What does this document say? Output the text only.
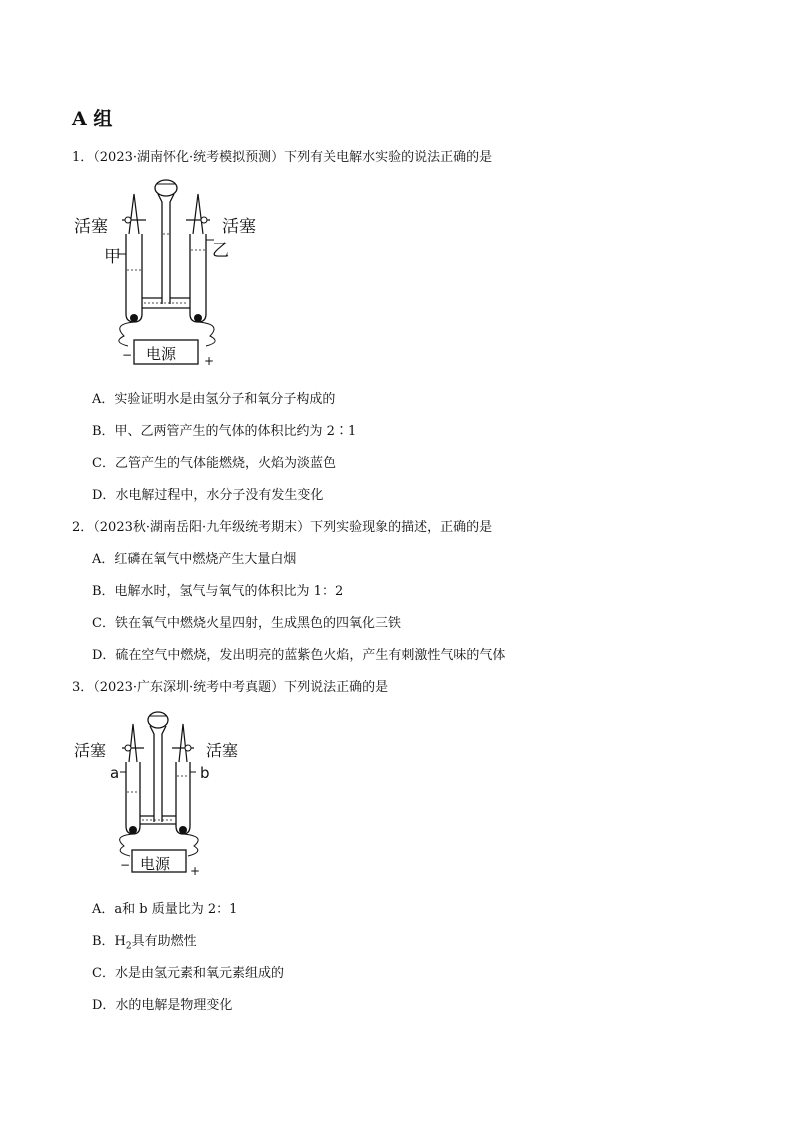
A 组
1．（2023·湖南怀化·统考模拟预测）下列有关电解水实验的说法正确的是
活塞	活塞
甲	乙
电源
−	+
A．实验证明水是由氢分子和氧分子构成的
B．甲、乙两管产生的气体的体积比约为 2∶1
C．乙管产生的气体能燃烧，火焰为淡蓝色
D．水电解过程中，水分子没有发生变化
2．（2023秋·湖南岳阳·九年级统考期末）下列实验现象的描述，正确的是
A．红磷在氧气中燃烧产生大量白烟
B．电解水时，氢气与氧气的体积比为 1：2
C．铁在氧气中燃烧火星四射，生成黑色的四氧化三铁
D．硫在空气中燃烧，发出明亮的蓝紫色火焰，产生有刺激性气味的气体
3．（2023·广东深圳·统考中考真题）下列说法正确的是
活塞	活塞
a	b
电源
−	+
A．a和 b 质量比为 2：1
B．$H_2$具有助燃性
C．水是由氢元素和氧元素组成的
D．水的电解是物理变化
